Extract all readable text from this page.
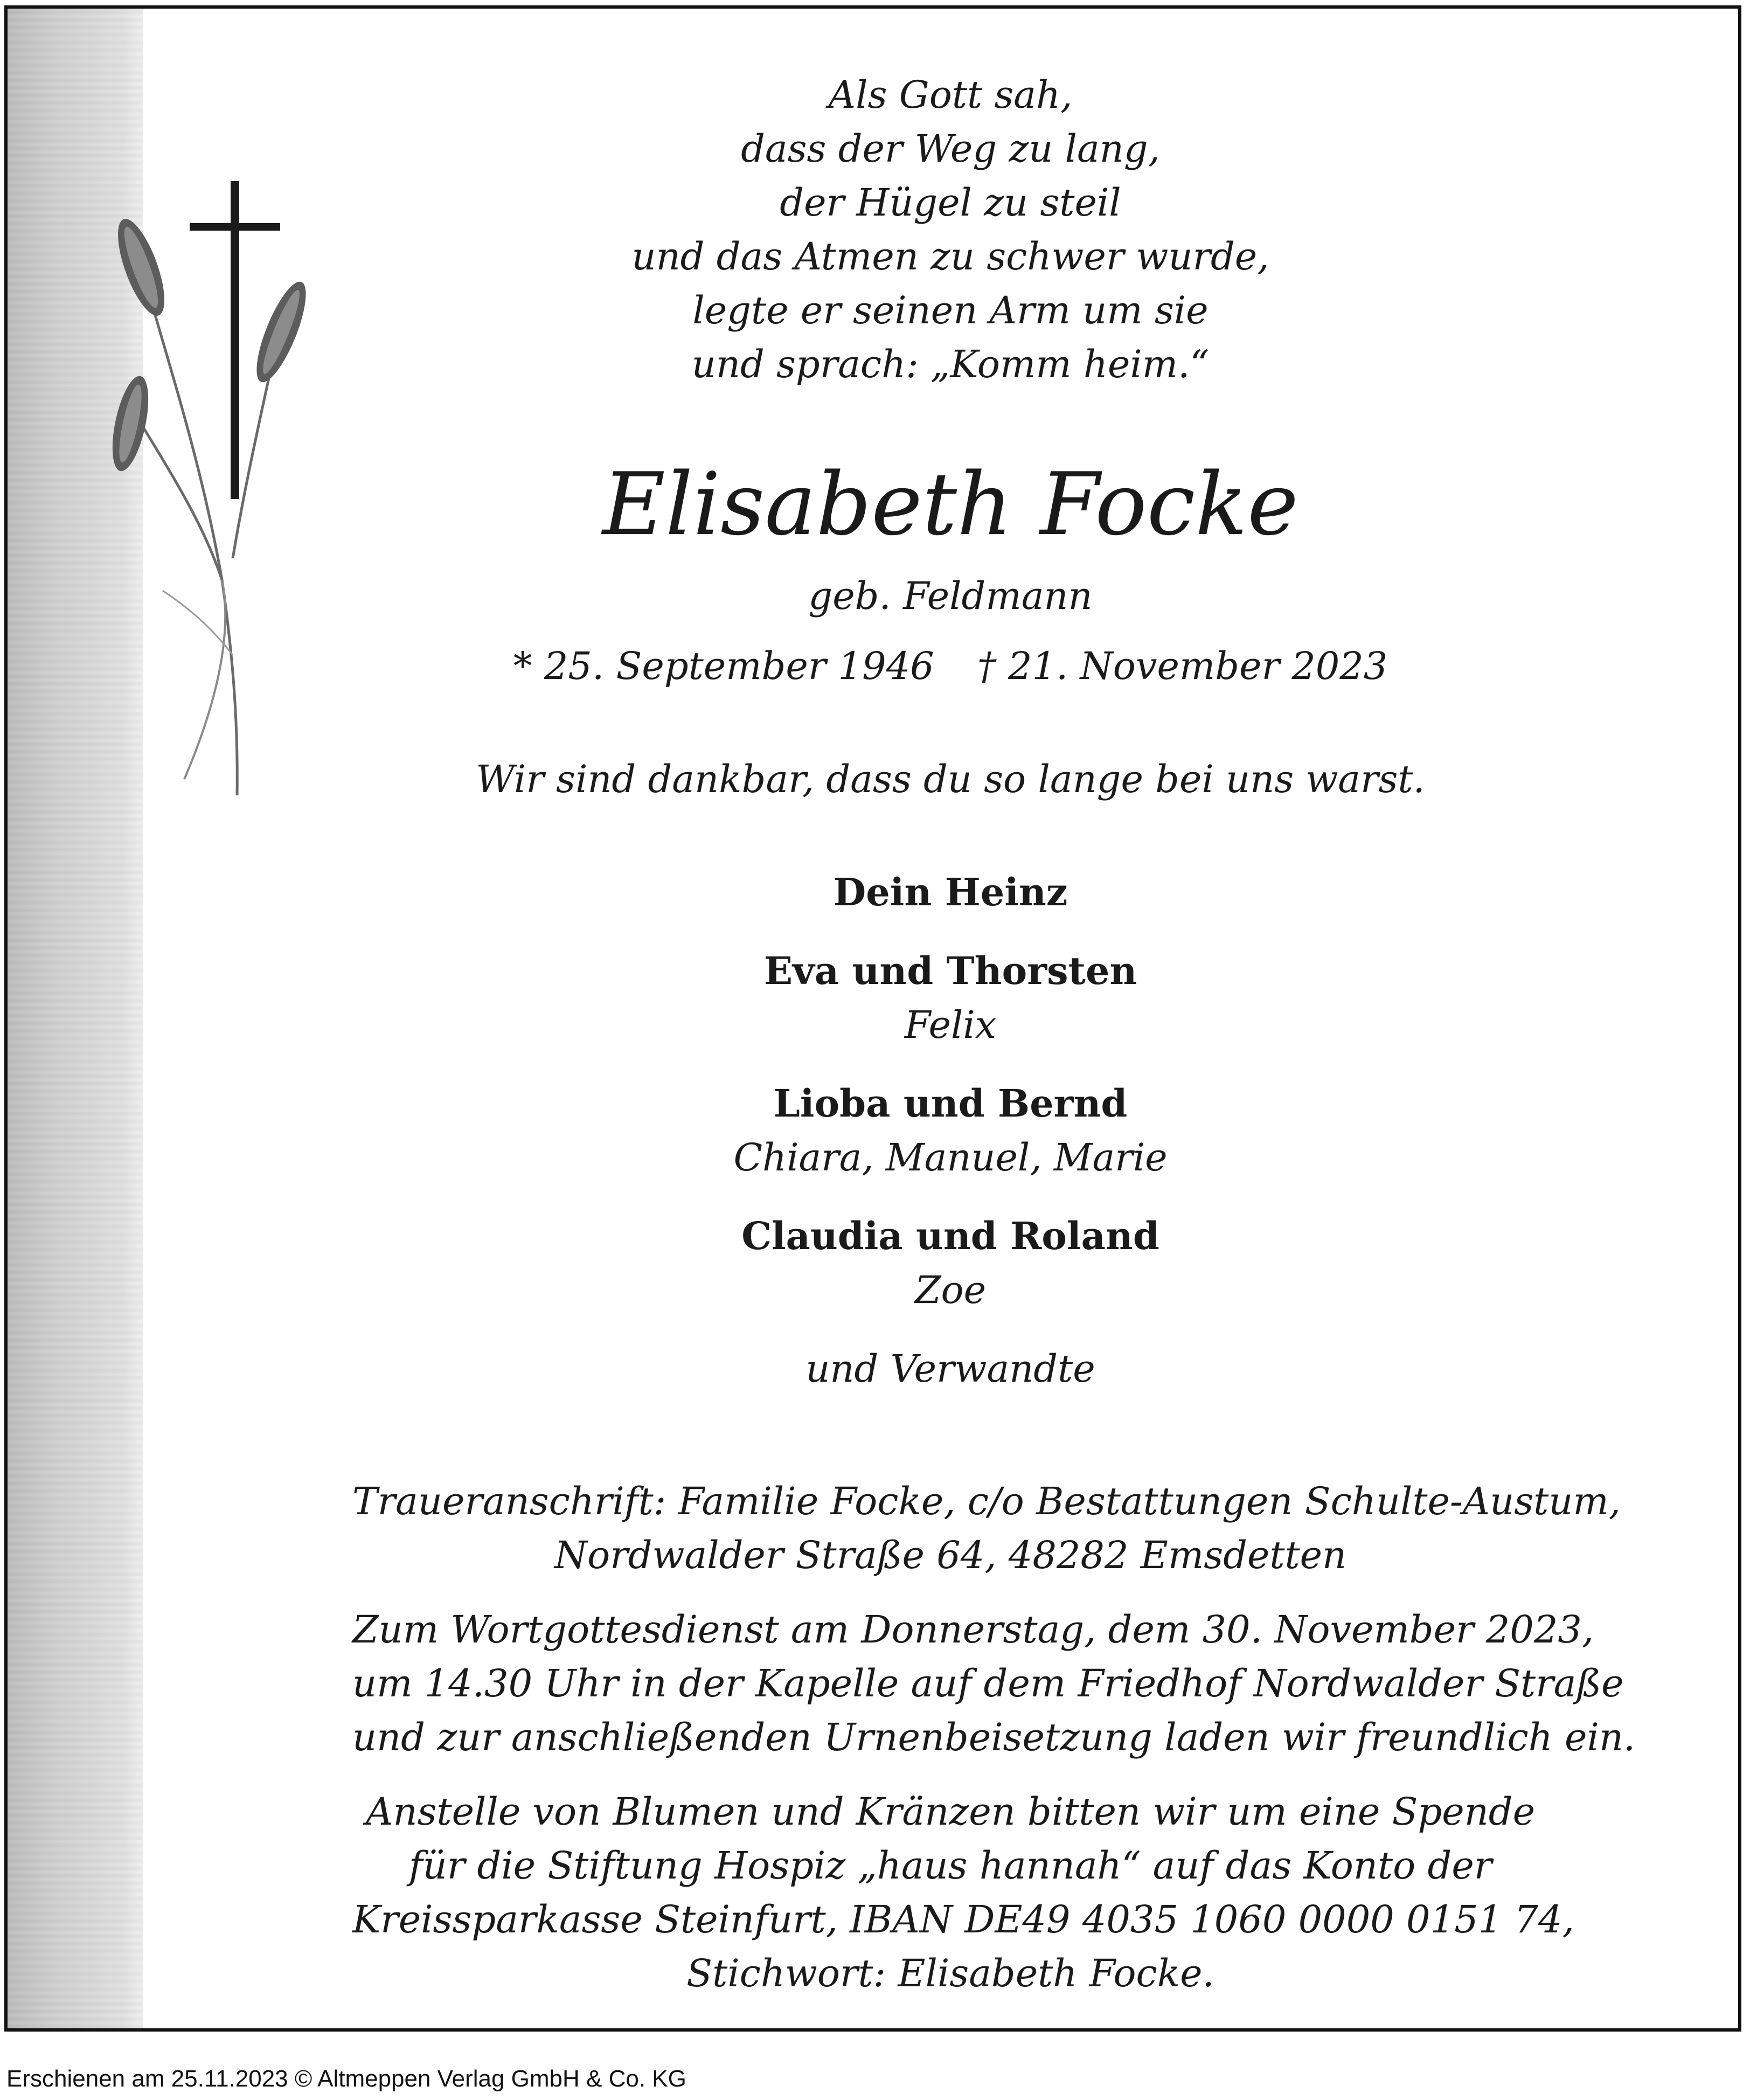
Als Gott sah,
dass der Weg zu lang,
der Hügel zu steil
und das Atmen zu schwer wurde,
legte er seinen Arm um sie
und sprach: „Komm heim.“
Elisabeth Focke
geb. Feldmann
* 25. September 1946 † 21. November 2023
Wir sind dankbar, dass du so lange bei uns warst.
Dein Heinz
Eva und Thorsten
Felix
Lioba und Bernd
Chiara, Manuel, Marie
Claudia und Roland
Zoe
und Verwandte
Traueranschrift: Familie Focke, c/o Bestattungen Schulte-Austum,
Nordwalder Straße 64, 48282 Emsdetten
Zum Wortgottesdienst am Donnerstag, dem 30. November 2023,
um 14.30 Uhr in der Kapelle auf dem Friedhof Nordwalder Straße
und zur anschließenden Urnenbeisetzung laden wir freundlich ein.
Anstelle von Blumen und Kränzen bitten wir um eine Spende
für die Stiftung Hospiz „haus hannah“ auf das Konto der
Kreissparkasse Steinfurt, IBAN DE49 4035 1060 0000 0151 74,
Stichwort: Elisabeth Focke.
Erschienen am 25.11.2023 © Altmeppen Verlag GmbH & Co. KG
